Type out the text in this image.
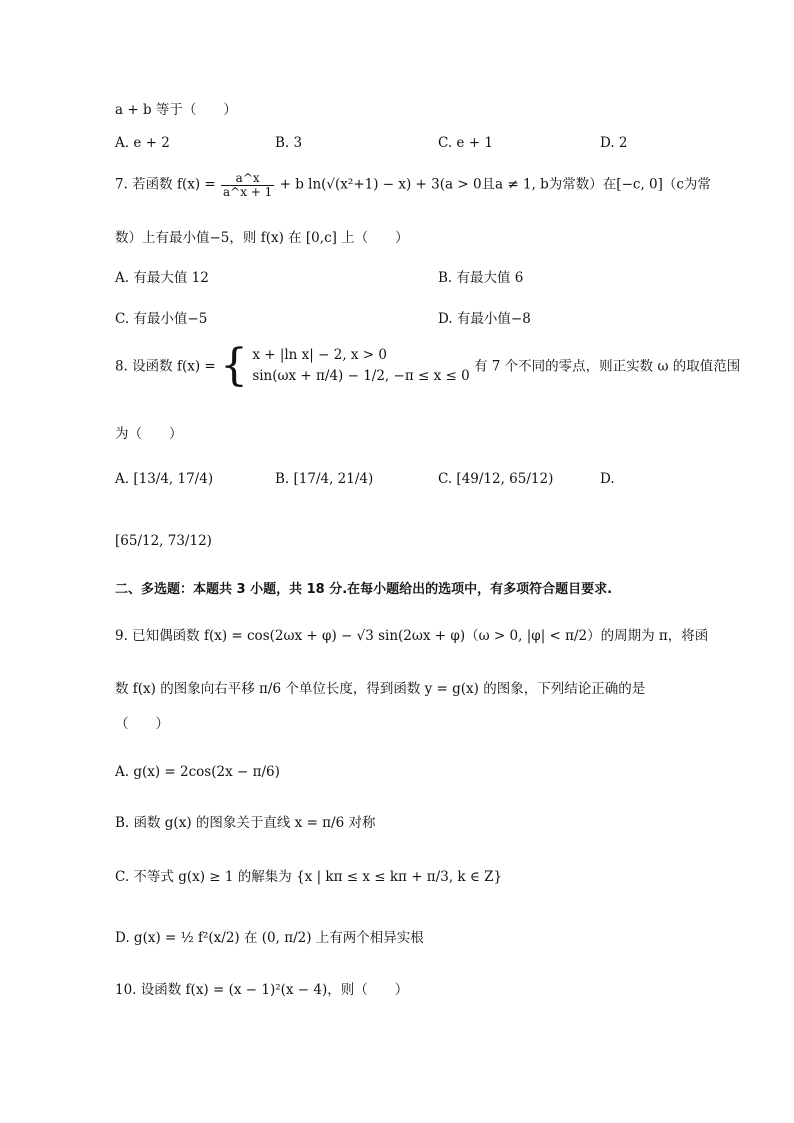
a + b 等于（　　）
A. e + 2	B. 3	C. e + 1	D. 2
7. 若函数 $f(x) = \frac{a\^{}x}{a\^{}x + 1} + b$ ln(√(x²+1) − x) + 3(a > 0且a ≠ 1, b为常数）在[−c, 0]（c为常
数）上有最小值−5，则 f(x) 在 [0,c] 上（　　）
A. 有最大值 12	B. 有最大值 6
C. 有最小值−5	D. 有最小值−8
8. 设函数 f(x) = { x + |ln x| − 2, x > 0
sin(ωx + π/4) − 1/2, −π ≤ x ≤ 0
有 7 个不同的零点，则正实数 ω 的取值范围
为（　　）
A. [13/4, 17/4)	B. [17/4, 21/4)	C. [49/12, 65/12)	D.
[65/12, 73/12)
二、多选题：本题共 3 小题，共 18 分.在每小题给出的选项中，有多项符合题目要求.
9. 已知偶函数 f(x) = cos(2ωx + φ) − √3 sin(2ωx + φ)（ω > 0, |φ| < π/2）的周期为 π，将函
数 f(x) 的图象向右平移 π/6 个单位长度，得到函数 y = g(x) 的图象，下列结论正确的是
（　　）
A. g(x) = 2cos(2x − π/6)
B. 函数 g(x) 的图象关于直线 x = π/6 对称
C. 不等式 g(x) ≥ 1 的解集为 {x | kπ ≤ x ≤ kπ + π/3, k ∈ Z}
D. g(x) = ½ f²(x/2) 在 (0, π/2) 上有两个相异实根
10. 设函数 f(x) = (x − 1)²(x − 4)，则（　　）
